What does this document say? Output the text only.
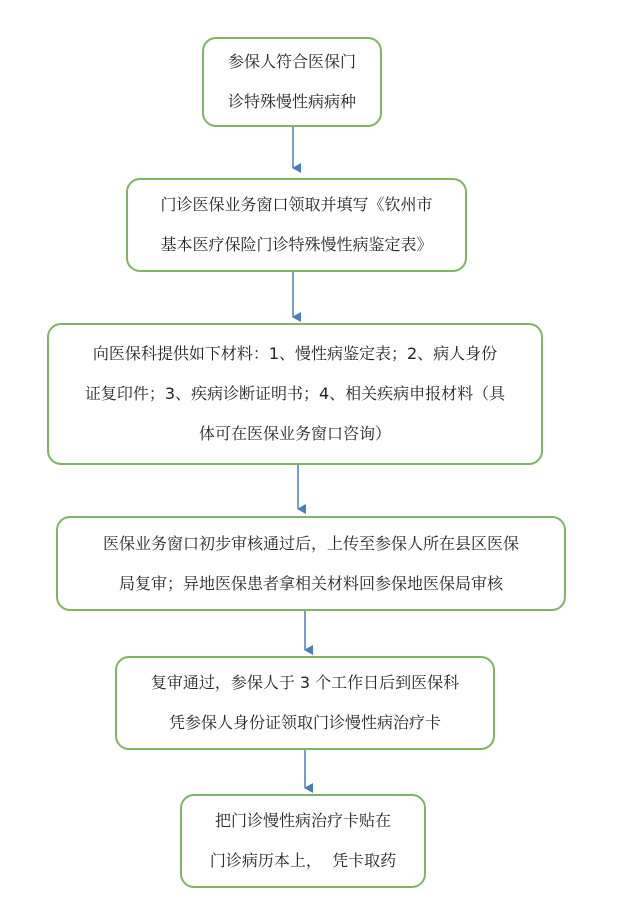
参保人符合医保门
诊特殊慢性病病种
门诊医保业务窗口领取并填写《钦州市
基本医疗保险门诊特殊慢性病鉴定表》
向医保科提供如下材料：1、慢性病鉴定表；2、病人身份
证复印件；3、疾病诊断证明书；4、相关疾病申报材料（具
体可在医保业务窗口咨询）
医保业务窗口初步审核通过后，上传至参保人所在县区医保
局复审；异地医保患者拿相关材料回参保地医保局审核
复审通过，参保人于 3 个工作日后到医保科
凭参保人身份证领取门诊慢性病治疗卡
把门诊慢性病治疗卡贴在
门诊病历本上，  凭卡取药
